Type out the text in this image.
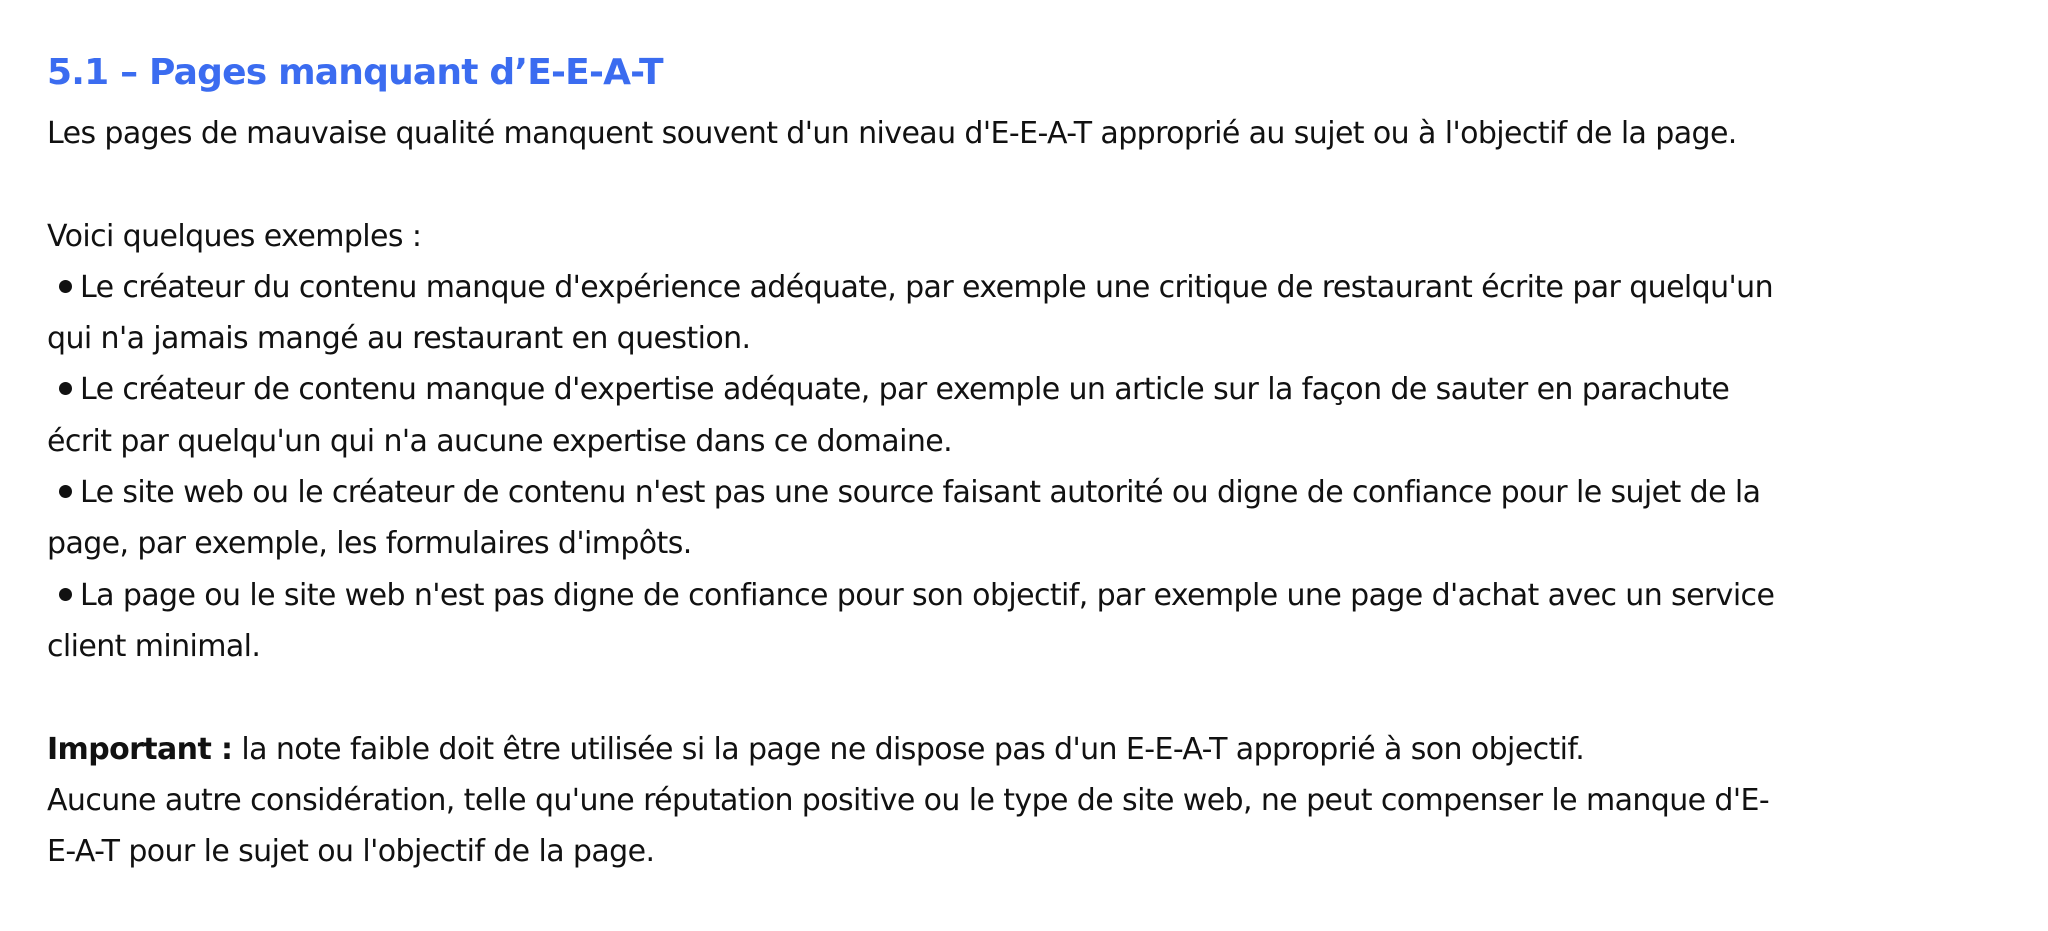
5.1 – Pages manquant d’E-E-A-T

Les pages de mauvaise qualité manquent souvent d'un niveau d'E-E-A-T approprié au sujet ou à l'objectif de la page.

Voici quelques exemples :
Le créateur du contenu manque d'expérience adéquate, par exemple une critique de restaurant écrite par quelqu'un
qui n'a jamais mangé au restaurant en question.
Le créateur de contenu manque d'expertise adéquate, par exemple un article sur la façon de sauter en parachute
écrit par quelqu'un qui n'a aucune expertise dans ce domaine.
Le site web ou le créateur de contenu n'est pas une source faisant autorité ou digne de confiance pour le sujet de la
page, par exemple, les formulaires d'impôts.
La page ou le site web n'est pas digne de confiance pour son objectif, par exemple une page d'achat avec un service
client minimal.
Important : la note faible doit être utilisée si la page ne dispose pas d'un E-E-A-T approprié à son objectif.
Aucune autre considération, telle qu'une réputation positive ou le type de site web, ne peut compenser le manque d'E-
E-A-T pour le sujet ou l'objectif de la page.
